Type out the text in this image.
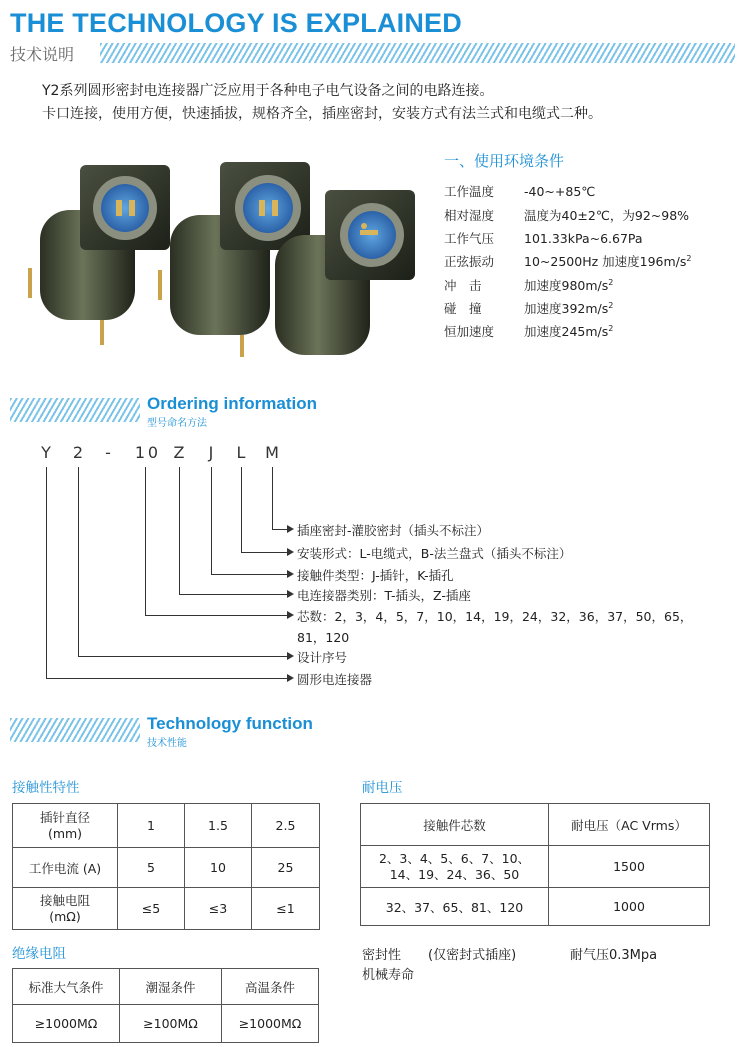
THE TECHNOLOGY IS EXPLAINED
技术说明
Y2系列圆形密封电连接器广泛应用于各种电子电气设备之间的电路连接。
卡口连接，使用方便，快速插拔，规格齐全，插座密封，安装方式有法兰式和电缆式二种。
一、使用环境条件
工作温度 -40~+85℃
相对湿度 温度为40±2℃，为92~98%
工作气压 101.33kPa~6.67Pa
正弦振动 10~2500Hz 加速度$196m/s^2$
冲　击	加速度$980m/s^2$
碰　撞	加速度$392m/s^2$
恒加速度 加速度$245m/s^2$
Ordering information
型号命名方法
Y 2 - 1 0 Z J L M
插座密封-灌胶密封（插头不标注）
安装形式：L-电缆式，B-法兰盘式（插头不标注）
接触件类型：J-插针，K-插孔
电连接器类别：T-插头，Z-插座
芯数：2，3，4，5，7，10，14，19，24，32，36，37，50，65，
81，120
设计序号
圆形电连接器
Technology function
技术性能
接触性特性
插针直径
(mm)	1	1.5	2.5
工作电流 (A)	5	10	25
接触电阻
(mΩ)	≤5	≤3	≤1
耐电压
接触件芯数	耐电压（AC Vrms）
2、3、4、5、6、7、10、
14、19、24、36、50	1500
32、37、65、81、120	1000
绝缘电阻
标准大气条件	潮湿条件	高温条件
≥1000MΩ	≥100MΩ	≥1000MΩ
密封性 (仅密封式插座)	耐气压0.3Mpa
机械寿命
